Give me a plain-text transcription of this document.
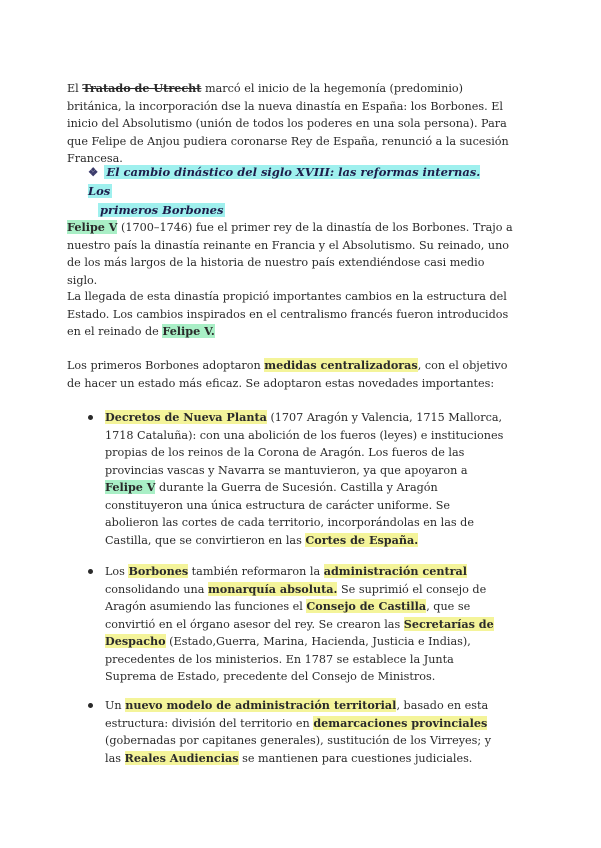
El Tratado de Utrecht marcó el inicio de la hegemonía (predominio) británica, la incorporación dse la nueva dinastía en España: los Borbones. El inicio del Absolutismo (unión de todos los poderes en una sola persona). Para que Felipe de Anjou pudiera coronarse Rey de España, renunció a la sucesión Francesa.

❖ El cambio dinástico del siglo XVIII: las reformas internas. Los
primeros Borbones

Felipe V (1700–1746) fue el primer rey de la dinastía de los Borbones. Trajo a nuestro país la dinastía reinante en Francia y el Absolutismo. Su reinado, uno de los más largos de la historia de nuestro país extendiéndose casi medio siglo.

La llegada de esta dinastía propició importantes cambios en la estructura del Estado. Los cambios inspirados en el centralismo francés fueron introducidos en el reinado de Felipe V.

Los primeros Borbones adoptaron medidas centralizadoras, con el objetivo de hacer un estado más eficaz. Se adoptaron estas novedades importantes:

Decretos de Nueva Planta (1707 Aragón y Valencia, 1715 Mallorca, 1718 Cataluña): con una abolición de los fueros (leyes) e instituciones propias de los reinos de la Corona de Aragón. Los fueros de las provincias vascas y Navarra se mantuvieron, ya que apoyaron a Felipe V durante la Guerra de Sucesión. Castilla y Aragón constituyeron una única estructura de carácter uniforme. Se abolieron las cortes de cada territorio, incorporándolas en las de Castilla, que se convirtieron en las Cortes de España.
Los Borbones también reformaron la administración central consolidando una monarquía absoluta. Se suprimió el consejo de Aragón asumiendo las funciones el Consejo de Castilla, que se convirtió en el órgano asesor del rey. Se crearon las Secretarías de Despacho (Estado,Guerra, Marina, Hacienda, Justicia e Indias), precedentes de los ministerios. En 1787 se establece la Junta Suprema de Estado, precedente del Consejo de Ministros.
Un nuevo modelo de administración territorial, basado en esta estructura: división del territorio en demarcaciones provinciales (gobernadas por capitanes generales), sustitución de los Virreyes; y las Reales Audiencias se mantienen para cuestiones judiciales.
